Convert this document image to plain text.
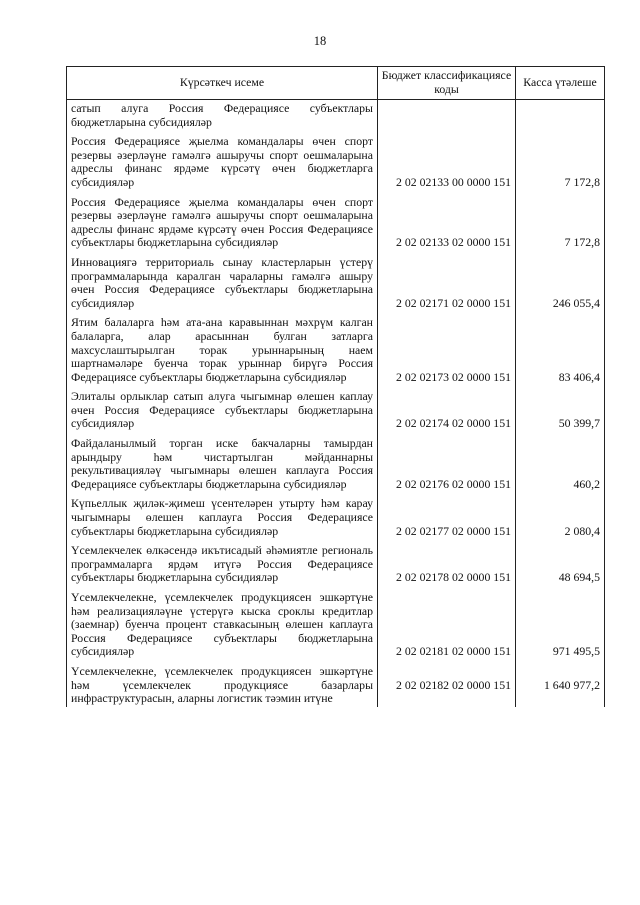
18
Күрсәткеч исеме	Бюджет классификациясе коды	Касса үтәлеше
сатып алуга Россия Федерациясе субъектлары бюджетларына субсидияләр		

Россия Федерациясе җыелма командалары өчен спорт резервы әзерләүне гамәлгә ашыручы спорт оешмаларына адреслы финанс ярдәме күрсәтү өчен бюджетларга субсидияләр	2 02 02133 00 0000 151	7 172,8

Россия Федерациясе җыелма командалары өчен спорт резервы әзерләүне гамәлгә ашыручы спорт оешмаларына адреслы финанс ярдәме күрсәтү өчен Россия Федерациясе субъектлары бюджетларына субсидияләр	2 02 02133 02 0000 151	7 172,8

Инновациягә территориаль сынау кластерларын үстерү программаларында каралган чараларны гамәлгә ашыру өчен Россия Федерациясе субъектлары бюджетларына субсидияләр	2 02 02171 02 0000 151	246 055,4

Ятим балаларга һәм ата-ана каравыннан мәхрүм калган балаларга, алар арасыннан булган затларга махсуслаштырылган торак урыннарының наем шартнамәләре буенча торак урыннар бирүгә Россия Федерациясе субъектлары бюджетларына субсидияләр	2 02 02173 02 0000 151	83 406,4

Элиталы орлыклар сатып алуга чыгымнар өлешен каплау өчен Россия Федерациясе субъектлары бюджетларына субсидияләр	2 02 02174 02 0000 151	50 399,7

Файдаланылмый торган иске бакчаларны тамырдан арындыру һәм чистартылган мәйданнарны рекультивацияләү чыгымнары өлешен каплауга Россия Федерациясе субъектлары бюджетларына субсидияләр	2 02 02176 02 0000 151	460,2

Күпьеллык җиләк-җимеш үсентеләрен утырту һәм карау чыгымнары өлешен каплауга Россия Федерациясе субъектлары бюджетларына субсидияләр	2 02 02177 02 0000 151	2 080,4

Үсемлекчелек өлкәсендә икътисадый әһәмиятле региональ программаларга ярдәм итүгә Россия Федерациясе субъектлары бюджетларына субсидияләр	2 02 02178 02 0000 151	48 694,5

Үсемлекчелекне, үсемлекчелек продукциясен эшкәртүне һәм реализацияләүне үстерүгә кыска сроклы кредитлар (заемнар) буенча процент ставкасының өлешен каплауга Россия Федерациясе субъектлары бюджетларына субсидияләр	2 02 02181 02 0000 151	971 495,5

Үсемлекчелекне, үсемлекчелек продукциясен эшкәртүне һәм үсемлекчелек продукциясе базарлары инфраструктурасын, аларны логистик тәэмин итүне	2 02 02182 02 0000 151	1 640 977,2
